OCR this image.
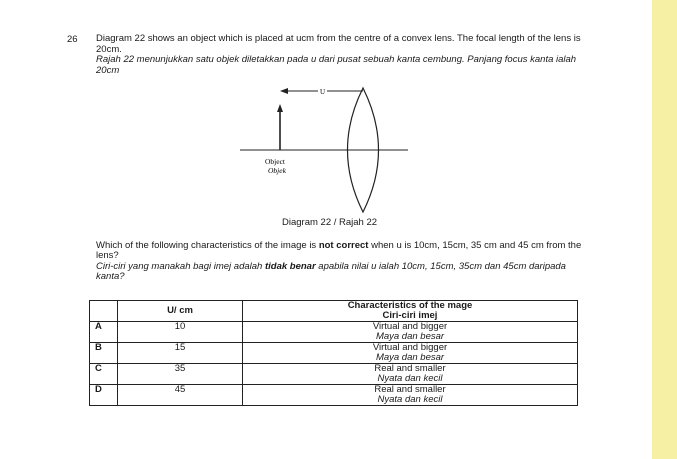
26 Diagram 22 shows an object which is placed at ucm from the centre of a convex lens. The focal length of the lens is 20cm.
Rajah 22 menunjukkan satu objek diletakkan pada u dari pusat sebuah kanta cembung. Panjang focus kanta ialah 20cm
U
Object
Objek
Diagram 22 / Rajah 22
Which of the following characteristics of the image is not correct when u is 10cm, 15cm, 35 cm and 45 cm from the lens?
Ciri-ciri yang manakah bagi imej adalah tidak benar apabila nilai u ialah 10cm, 15cm, 35cm dan 45cm daripada kanta?
	U/ cm	Characteristics of the mage
Ciri-ciri imej

A	10	Virtual and bigger
Maya dan besar

B	15	Virtual and bigger
Maya dan besar

C	35	Real and smaller
Nyata dan kecil

D	45	Real and smaller
Nyata dan kecil
